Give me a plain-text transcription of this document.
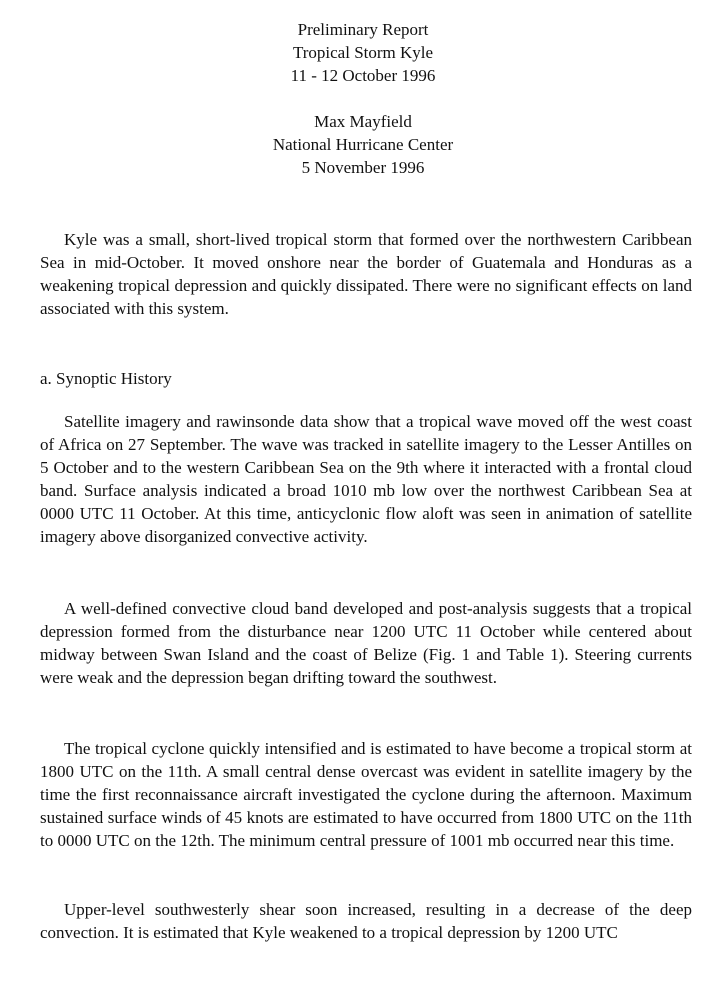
Preliminary Report
Tropical Storm Kyle
11 - 12 October 1996
Max Mayfield
National Hurricane Center
5 November 1996

Kyle was a small, short-lived tropical storm that formed over the northwestern Caribbean Sea in mid-October. It moved onshore near the border of Guatemala and Honduras as a weakening tropical depression and quickly dissipated. There were no significant effects on land associated with this system.

a. Synoptic History

Satellite imagery and rawinsonde data show that a tropical wave moved off the west coast of Africa on 27 September. The wave was tracked in satellite imagery to the Lesser Antilles on 5 October and to the western Caribbean Sea on the 9th where it interacted with a frontal cloud band. Surface analysis indicated a broad 1010 mb low over the northwest Caribbean Sea at 0000 UTC 11 October. At this time, anticyclonic flow aloft was seen in animation of satellite imagery above disorganized convective activity.

A well-defined convective cloud band developed and post-analysis suggests that a tropical depression formed from the disturbance near 1200 UTC 11 October while centered about midway between Swan Island and the coast of Belize (Fig. 1 and Table 1). Steering currents were weak and the depression began drifting toward the southwest.

The tropical cyclone quickly intensified and is estimated to have become a tropical storm at 1800 UTC on the 11th. A small central dense overcast was evident in satellite imagery by the time the first reconnaissance aircraft investigated the cyclone during the afternoon. Maximum sustained surface winds of 45 knots are estimated to have occurred from 1800 UTC on the 11th to 0000 UTC on the 12th. The minimum central pressure of 1001 mb occurred near this time.

Upper-level southwesterly shear soon increased, resulting in a decrease of the deep convection. It is estimated that Kyle weakened to a tropical depression by 1200 UTC
